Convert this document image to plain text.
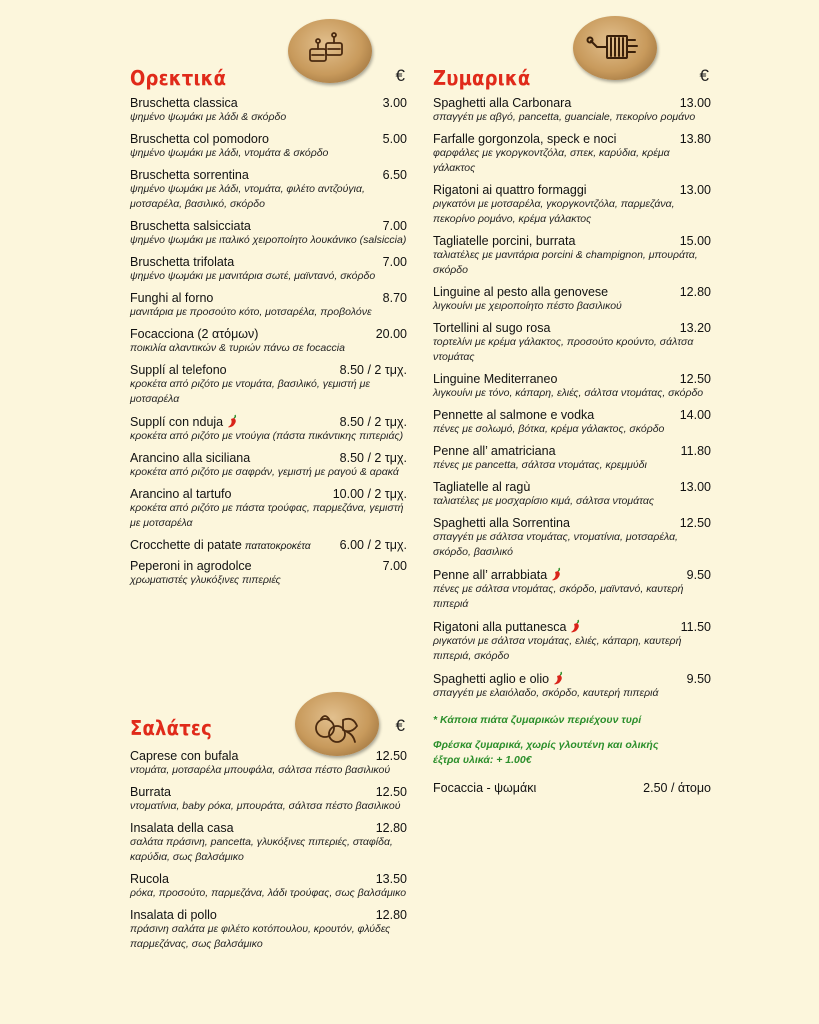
Ορεκτικά	€
Bruschetta classica	3.00
ψημένο ψωμάκι με λάδι & σκόρδο
Bruschetta col pomodoro	5.00
ψημένο ψωμάκι με λάδι, ντομάτα & σκόρδο
Bruschetta sorrentina	6.50
ψημένο ψωμάκι με λάδι, ντομάτα, φιλέτο αντζούγια, μοτσαρέλα, βασιλικό, σκόρδο
Bruschetta salsicciata	7.00
ψημένο ψωμάκι με ιταλικό χειροποίητο λουκάνικο (salsiccia)
Bruschetta trifolata	7.00
ψημένο ψωμάκι με μανιτάρια σωτέ, μαϊντανό, σκόρδο
Funghi al forno	8.70
μανιτάρια με προσούτο κότο, μοτσαρέλα, προβολόνε
Focacciona (2 ατόμων)	20.00
ποικιλία αλαντικών & τυριών πάνω σε focaccia
Supplí al telefono	8.50 / 2 τμχ.
κροκέτα από ριζότο με ντομάτα, βασιλικό, γεμιστή με μοτσαρέλα
Supplí con nduja	8.50 / 2 τμχ.
κροκέτα από ριζότο με ντούγια (πάστα πικάντικης πιπεριάς)
Arancino alla siciliana	8.50 / 2 τμχ.
κροκέτα από ριζότο με σαφράν, γεμιστή με ραγού & αρακά
Arancino al tartufo	10.00 / 2 τμχ.
κροκέτα από ριζότο με πάστα τρούφας, παρμεζάνα, γεμιστή με μοτσαρέλα
Crocchette di patate πατατοκροκέτα 6.00 / 2 τμχ.
Peperoni in agrodolce	7.00
χρωματιστές γλυκόξινες πιπεριές
Σαλάτες	€
Caprese con bufala	12.50
ντομάτα, μοτσαρέλα μπουφάλα, σάλτσα πέστο βασιλικού
Burrata	12.50
ντοματίνια, baby ρόκα, μπουράτα, σάλτσα πέστο βασιλικού
Insalata della casa	12.80
σαλάτα πράσινη, pancetta, γλυκόξινες πιπεριές, σταφίδα, καρύδια, σως βαλσάμικο
Rucola	13.50
ρόκα, προσούτο, παρμεζάνα, λάδι τρούφας, σως βαλσάμικο
Insalata di pollo	12.80
πράσινη σαλάτα με φιλέτο κοτόπουλου, κρουτόν, φλύδες παρμεζάνας, σως βαλσάμικο
Ζυμαρικά	€
Spaghetti alla Carbonara	13.00
σπαγγέτι με αβγό, pancetta, guanciale, πεκορίνο ρομάνο
Farfalle gorgonzola, speck e noci	13.80
φαρφάλες με γκοργκοντζόλα, σπεκ, καρύδια, κρέμα γάλακτος
Rigatoni ai quattro formaggi	13.00
ριγκατόνι με μοτσαρέλα, γκοργκοντζόλα, παρμεζάνα, πεκορίνο ρομάνο, κρέμα γάλακτος
Tagliatelle porcini, burrata	15.00
ταλιατέλες με μανιτάρια porcini & champignon, μπουράτα, σκόρδο
Linguine al pesto alla genovese	12.80
λιγκουίνι με χειροποίητο πέστο βασιλικού
Tortellini al sugo rosa	13.20
τορτελίνι με κρέμα γάλακτος, προσούτο κρούντο, σάλτσα ντομάτας
Linguine Mediterraneo	12.50
λιγκουίνι με τόνο, κάπαρη, ελιές, σάλτσα ντομάτας, σκόρδο
Pennette al salmone e vodka	14.00
πένες με σολωμό, βότκα, κρέμα γάλακτος, σκόρδο
Penne all’ amatriciana	11.80
πένες με pancetta, σάλτσα ντομάτας, κρεμμύδι
Tagliatelle al ragù	13.00
ταλιατέλες με μοσχαρίσιο κιμά, σάλτσα ντομάτας
Spaghetti alla Sorrentina	12.50
σπαγγέτι με σάλτσα ντομάτας, ντοματίνια, μοτσαρέλα, σκόρδο, βασιλικό
Penne all’ arrabbiata	9.50
πένες με σάλτσα ντομάτας, σκόρδο, μαϊντανό, καυτερή πιπεριά
Rigatoni alla puttanesca	11.50
ριγκατόνι με σάλτσα ντομάτας, ελιές, κάπαρη, καυτερή πιπεριά, σκόρδο
Spaghetti aglio e olio	9.50
σπαγγέτι με ελαιόλαδο, σκόρδο, καυτερή πιπεριά
* Κάποια πιάτα ζυμαρικών περιέχουν τυρί
Φρέσκα ζυμαρικά, χωρίς γλουτένη και ολικής έξτρα υλικά: + 1.00€
Focaccia - ψωμάκι	2.50 / άτομο
